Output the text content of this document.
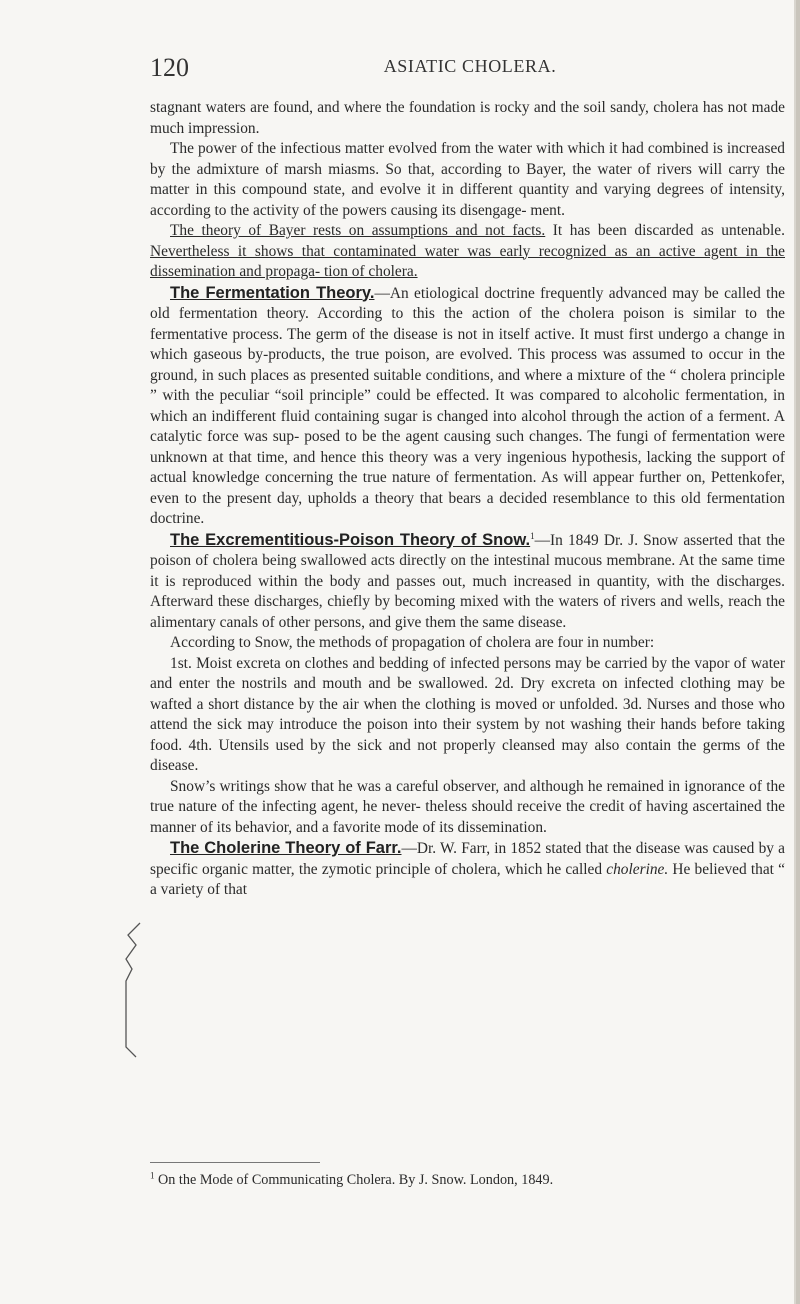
120	ASIATIC CHOLERA.

stagnant waters are found, and where the foundation is rocky and the soil sandy, cholera has not made much impression.

The power of the infectious matter evolved from the water with which it had combined is increased by the admixture of marsh miasms. So that, according to Bayer, the water of rivers will carry the matter in this compound state, and evolve it in different quantity and varying degrees of intensity, according to the activity of the powers causing its disengage- ment.

The theory of Bayer rests on assumptions and not facts. It has been discarded as untenable. Nevertheless it shows that contaminated water was early recognized as an active agent in the dissemination and propaga- tion of cholera.

The Fermentation Theory.—An etiological doctrine frequently advanced may be called the old fermentation theory. According to this the action of the cholera poison is similar to the fermentative process. The germ of the disease is not in itself active. It must first undergo a change in which gaseous by-products, the true poison, are evolved. This process was assumed to occur in the ground, in such places as presented suitable conditions, and where a mixture of the “ cholera principle ” with the peculiar “soil principle” could be effected. It was compared to alcoholic fermentation, in which an indifferent fluid containing sugar is changed into alcohol through the action of a ferment. A catalytic force was sup- posed to be the agent causing such changes. The fungi of fermentation were unknown at that time, and hence this theory was a very ingenious hypothesis, lacking the support of actual knowledge concerning the true nature of fermentation. As will appear further on, Pettenkofer, even to the present day, upholds a theory that bears a decided resemblance to this old fermentation doctrine.

The Excrementitious-Poison Theory of Snow.$^1$—In 1849 Dr. J. Snow asserted that the poison of cholera being swallowed acts directly on the intestinal mucous membrane. At the same time it is reproduced within the body and passes out, much increased in quantity, with the discharges. Afterward these discharges, chiefly by becoming mixed with the waters of rivers and wells, reach the alimentary canals of other persons, and give them the same disease.

According to Snow, the methods of propagation of cholera are four in number:

1st. Moist excreta on clothes and bedding of infected persons may be carried by the vapor of water and enter the nostrils and mouth and be swallowed. 2d. Dry excreta on infected clothing may be wafted a short distance by the air when the clothing is moved or unfolded. 3d. Nurses and those who attend the sick may introduce the poison into their system by not washing their hands before taking food. 4th. Utensils used by the sick and not properly cleansed may also contain the germs of the disease.

Snow’s writings show that he was a careful observer, and although he remained in ignorance of the true nature of the infecting agent, he never- theless should receive the credit of having ascertained the manner of its behavior, and a favorite mode of its dissemination.

The Cholerine Theory of Farr.—Dr. W. Farr, in 1852 stated that the disease was caused by a specific organic matter, the zymotic principle of cholera, which he called cholerine. He believed that “ a variety of that

$^1$ On the Mode of Communicating Cholera. By J. Snow. London, 1849.
